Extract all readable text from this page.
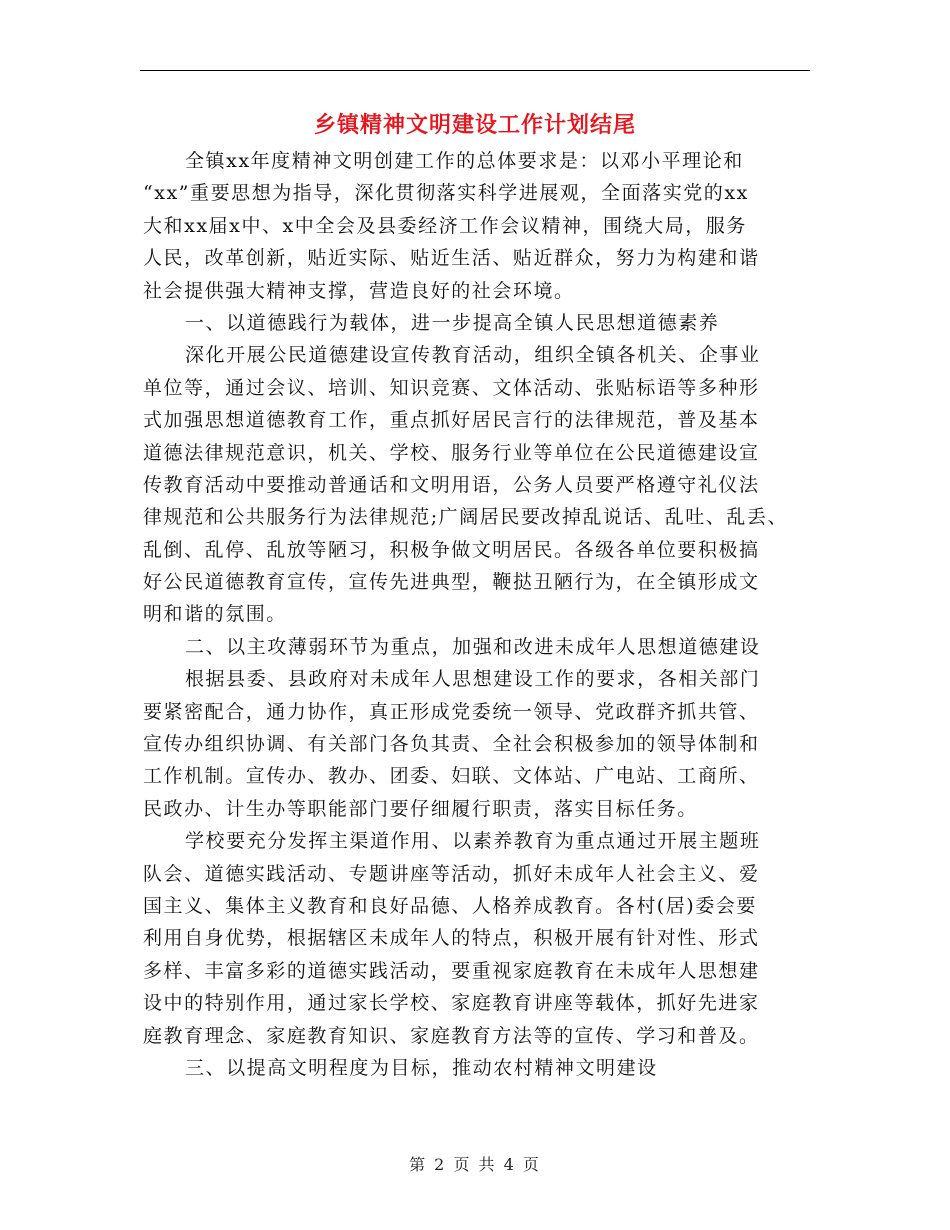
乡镇精神文明建设工作计划结尾
全镇xx年度精神文明创建工作的总体要求是：以邓小平理论和
“xx”重要思想为指导，深化贯彻落实科学进展观，全面落实党的xx
大和xx届x中、x中全会及县委经济工作会议精神，围绕大局，服务
人民，改革创新，贴近实际、贴近生活、贴近群众，努力为构建和谐
社会提供强大精神支撑，营造良好的社会环境。
一、以道德践行为载体，进一步提高全镇人民思想道德素养
深化开展公民道德建设宣传教育活动，组织全镇各机关、企事业
单位等，通过会议、培训、知识竞赛、文体活动、张贴标语等多种形
式加强思想道德教育工作，重点抓好居民言行的法律规范，普及基本
道德法律规范意识，机关、学校、服务行业等单位在公民道德建设宣
传教育活动中要推动普通话和文明用语，公务人员要严格遵守礼仪法
律规范和公共服务行为法律规范;广阔居民要改掉乱说话、乱吐、乱丢、
乱倒、乱停、乱放等陋习，积极争做文明居民。各级各单位要积极搞
好公民道德教育宣传，宣传先进典型，鞭挞丑陋行为，在全镇形成文
明和谐的氛围。
二、以主攻薄弱环节为重点，加强和改进未成年人思想道德建设
根据县委、县政府对未成年人思想建设工作的要求，各相关部门
要紧密配合，通力协作，真正形成党委统一领导、党政群齐抓共管、
宣传办组织协调、有关部门各负其责、全社会积极参加的领导体制和
工作机制。宣传办、教办、团委、妇联、文体站、广电站、工商所、
民政办、计生办等职能部门要仔细履行职责，落实目标任务。
学校要充分发挥主渠道作用、以素养教育为重点通过开展主题班
队会、道德实践活动、专题讲座等活动，抓好未成年人社会主义、爱
国主义、集体主义教育和良好品德、人格养成教育。各村(居)委会要
利用自身优势，根据辖区未成年人的特点，积极开展有针对性、形式
多样、丰富多彩的道德实践活动，要重视家庭教育在未成年人思想建
设中的特别作用，通过家长学校、家庭教育讲座等载体，抓好先进家
庭教育理念、家庭教育知识、家庭教育方法等的宣传、学习和普及。
三、以提高文明程度为目标，推动农村精神文明建设
第 2 页 共 4 页
